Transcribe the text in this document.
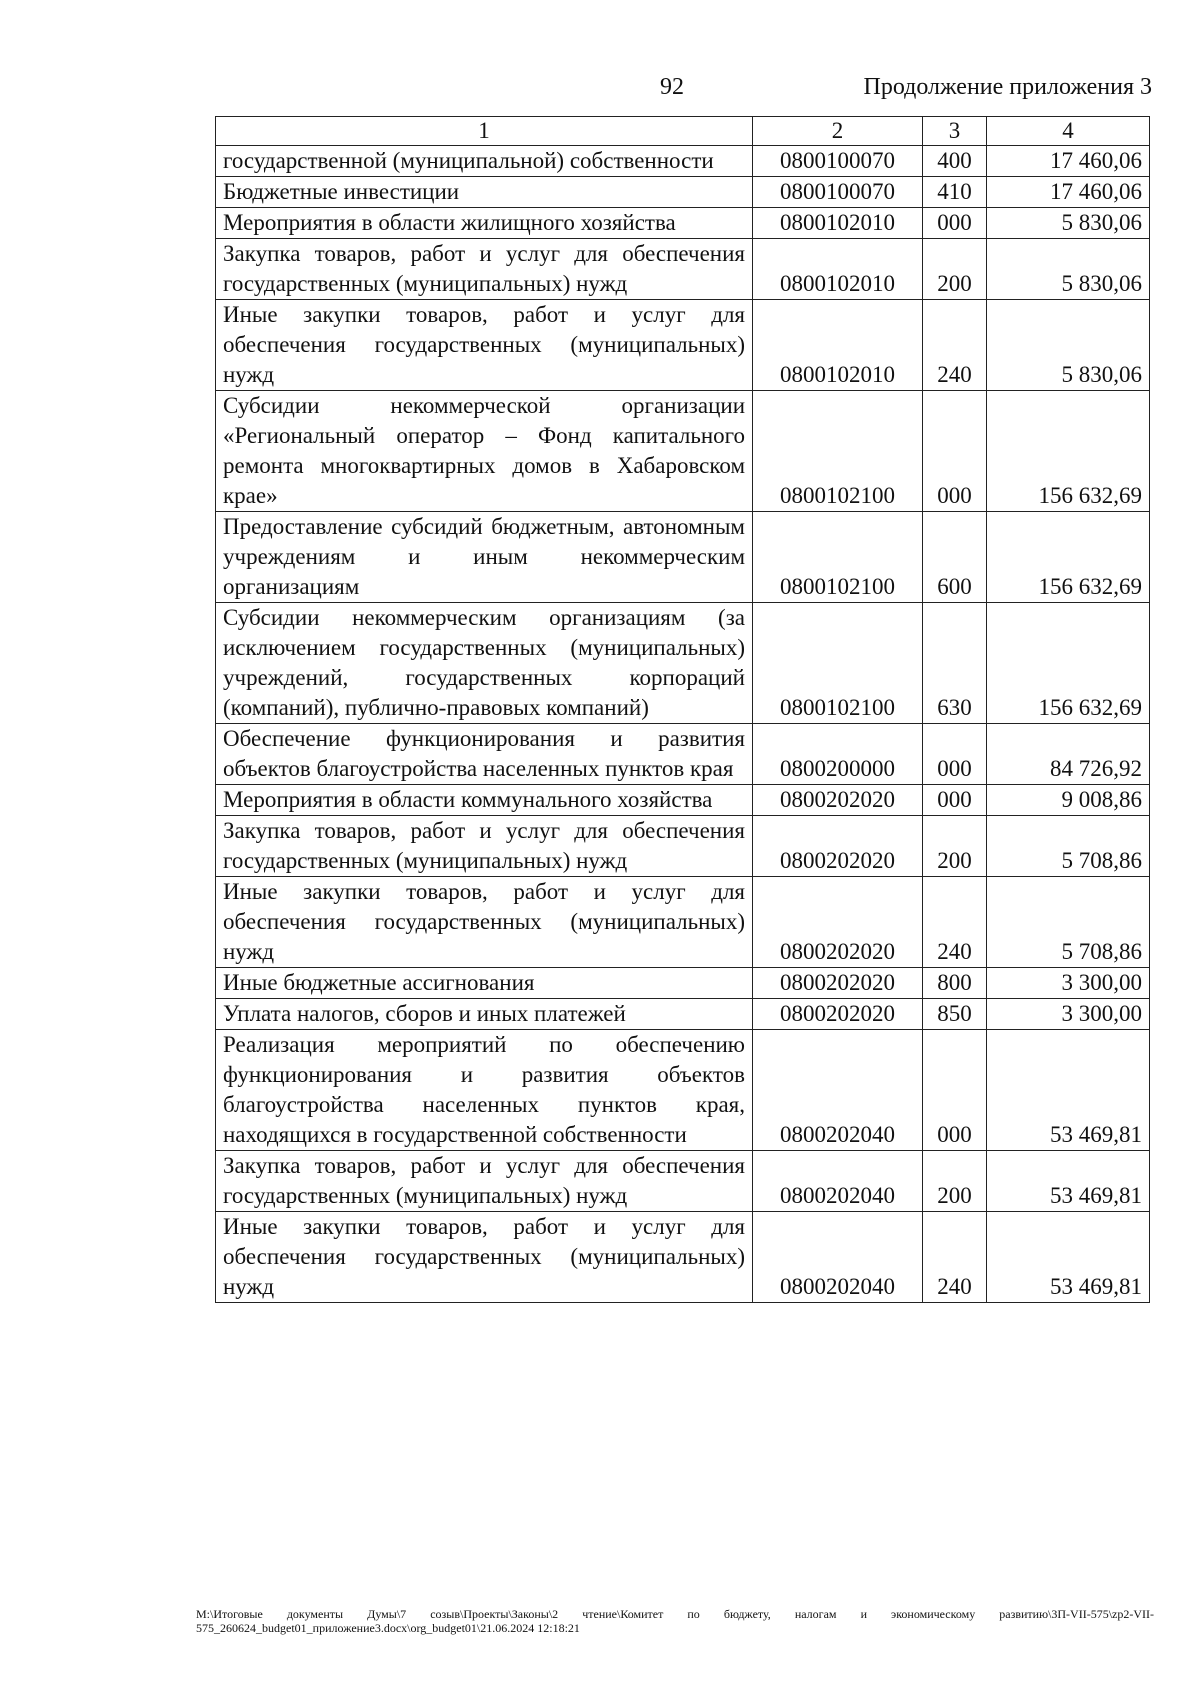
92	Продолжение приложения 3
1	2	3	4
государственной (муниципальной) собственности	0800100070	400	17 460,06
Бюджетные инвестиции	0800100070	410	17 460,06
Мероприятия в области жилищного хозяйства	0800102010	000	5 830,06
Закупка товаров, работ и услуг для обеспечения государственных (муниципальных) нужд	0800102010	200	5 830,06
Иные закупки товаров, работ и услуг для обеспечения государственных (муниципальных) нужд	0800102010	240	5 830,06
Субсидии некоммерческой организации «Региональный оператор – Фонд капитального ремонта многоквартирных домов в Хабаровском крае»	0800102100	000	156 632,69
Предоставление субсидий бюджетным, автономным учреждениям и иным некоммерческим организациям	0800102100	600	156 632,69
Субсидии некоммерческим организациям (за исключением государственных (муниципальных) учреждений, государственных корпораций (компаний), публично-правовых компаний)	0800102100	630	156 632,69
Обеспечение функционирования и развития объектов благоустройства населенных пунктов края	0800200000	000	84 726,92
Мероприятия в области коммунального хозяйства	0800202020	000	9 008,86
Закупка товаров, работ и услуг для обеспечения государственных (муниципальных) нужд	0800202020	200	5 708,86
Иные закупки товаров, работ и услуг для обеспечения государственных (муниципальных) нужд	0800202020	240	5 708,86
Иные бюджетные ассигнования	0800202020	800	3 300,00
Уплата налогов, сборов и иных платежей	0800202020	850	3 300,00
Реализация мероприятий по обеспечению функционирования и развития объектов благоустройства населенных пунктов края, находящихся в государственной собственности	0800202040	000	53 469,81
Закупка товаров, работ и услуг для обеспечения государственных (муниципальных) нужд	0800202040	200	53 469,81
Иные закупки товаров, работ и услуг для обеспечения государственных (муниципальных) нужд	0800202040	240	53 469,81
M:\Итоговые документы Думы\7 созыв\Проекты\Законы\2 чтение\Комитет по бюджету, налогам и экономическому развитию\3П-VII-575\zp2-VII-575_260624_budget01_приложение3.docx\org_budget01\21.06.2024 12:18:21
